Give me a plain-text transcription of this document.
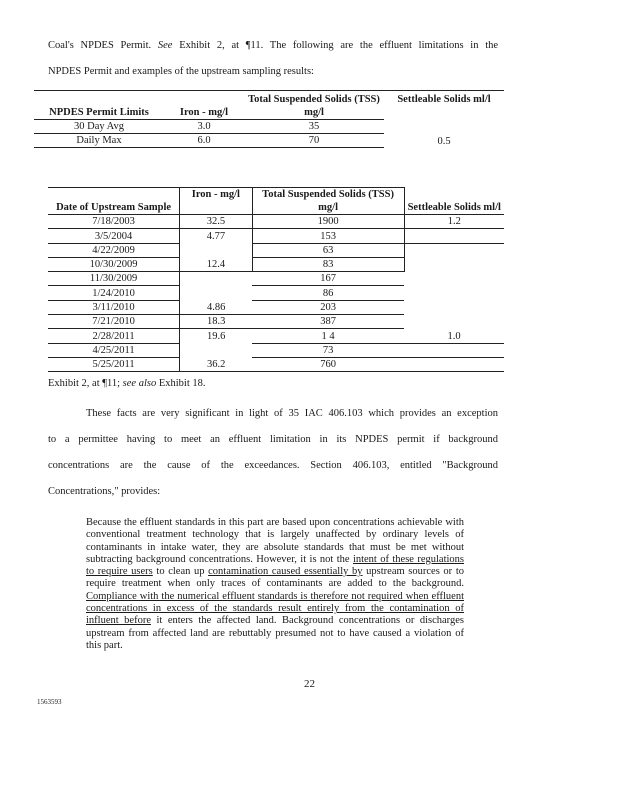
Coal's NPDES Permit. See Exhibit 2, at ¶11. The following are the effluent limitations in the
NPDES Permit and examples of the upstream sampling results:
NPDES Permit Limits	Iron - mg/l	Total Suspended Solids (TSS) mg/l	Settleable Solids ml/l
30 Day Avg	3.0	35	
Daily Max	6.0	70	0.5
Date of Upstream Sample	Iron - mg/l	Total Suspended Solids (TSS) mg/l	Settleable Solids ml/l
7/18/2003	32.5	1900	1.2
3/5/2004	4.77	153	
4/22/2009		63	
10/30/2009	12.4	83	
11/30/2009		167	
1/24/2010		86	
3/11/2010	4.86	203	
7/21/2010	18.3	387	
2/28/2011	19.6	1 4	1.0
4/25/2011		73	
5/25/2011	36.2	760	
Exhibit 2, at ¶11; see also Exhibit 18.
These facts are very significant in light of 35 IAC 406.103 which provides an exception
to a permittee having to meet an effluent limitation in its NPDES permit if background
concentrations are the cause of the exceedances. Section 406.103, entitled "Background
Concentrations," provides:
Because the effluent standards in this part are based upon concentrations achievable with conventional treatment technology that is largely unaffected by ordinary levels of contaminants in intake water, they are absolute standards that must be met without subtracting background concentrations. However, it is not the intent of these regulations to require users to clean up contamination caused essentially by upstream sources or to require treatment when only traces of contaminants are added to the background. Compliance with the numerical effluent standards is therefore not required when effluent concentrations in excess of the standards result entirely from the contamination of influent before it enters the affected land. Background concentrations or discharges upstream from affected land are rebuttably presumed not to have caused a violation of this part.
22
1563593
